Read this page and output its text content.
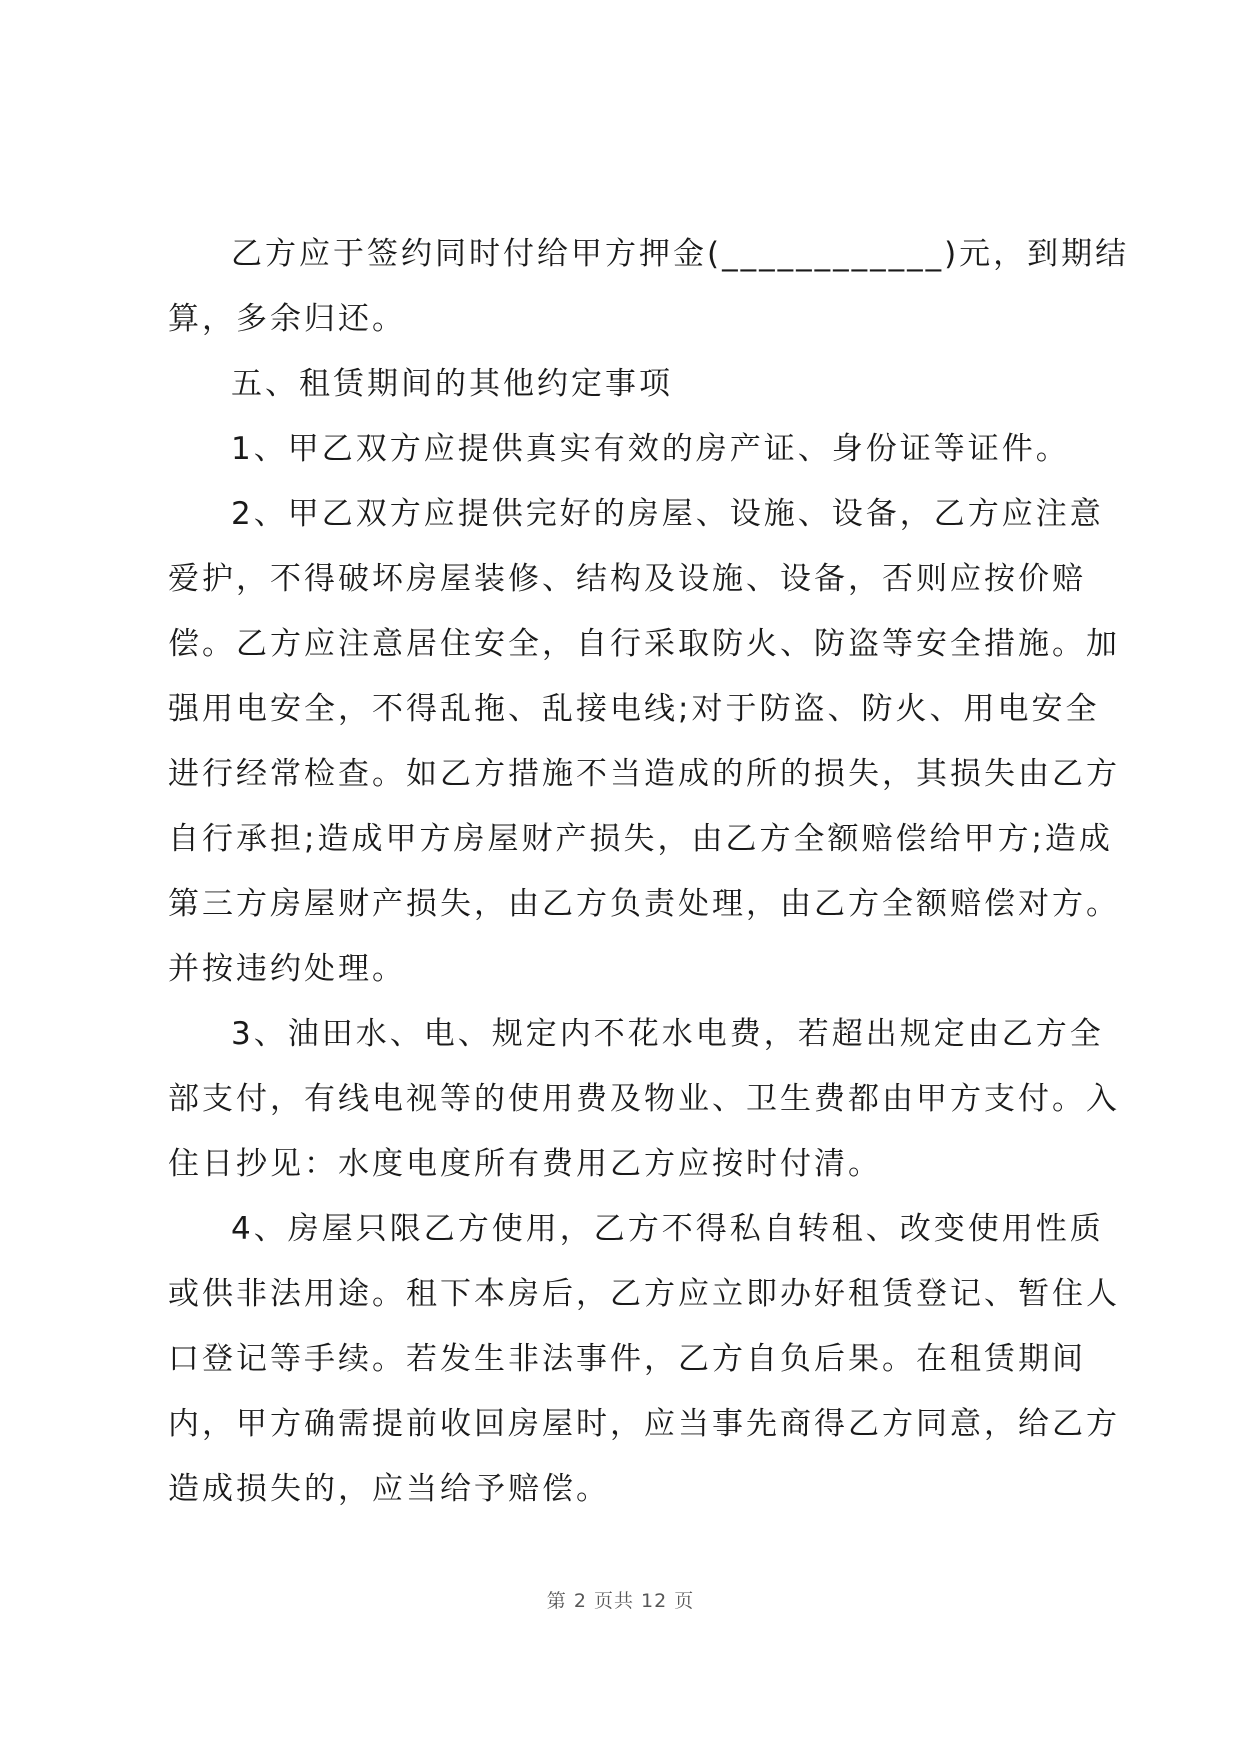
乙方应于签约同时付给甲方押金(____________)元，到期结
算，多余归还。
五、租赁期间的其他约定事项
1、甲乙双方应提供真实有效的房产证、身份证等证件。
2、甲乙双方应提供完好的房屋、设施、设备，乙方应注意
爱护，不得破坏房屋装修、结构及设施、设备，否则应按价赔
偿。乙方应注意居住安全，自行采取防火、防盗等安全措施。加
强用电安全，不得乱拖、乱接电线;对于防盗、防火、用电安全
进行经常检查。如乙方措施不当造成的所的损失，其损失由乙方
自行承担;造成甲方房屋财产损失，由乙方全额赔偿给甲方;造成
第三方房屋财产损失，由乙方负责处理，由乙方全额赔偿对方。
并按违约处理。
3、油田水、电、规定内不花水电费，若超出规定由乙方全
部支付，有线电视等的使用费及物业、卫生费都由甲方支付。入
住日抄见：水度电度所有费用乙方应按时付清。
4、房屋只限乙方使用，乙方不得私自转租、改变使用性质
或供非法用途。租下本房后，乙方应立即办好租赁登记、暂住人
口登记等手续。若发生非法事件，乙方自负后果。在租赁期间
内，甲方确需提前收回房屋时，应当事先商得乙方同意，给乙方
造成损失的，应当给予赔偿。
第 2 页共 12 页
